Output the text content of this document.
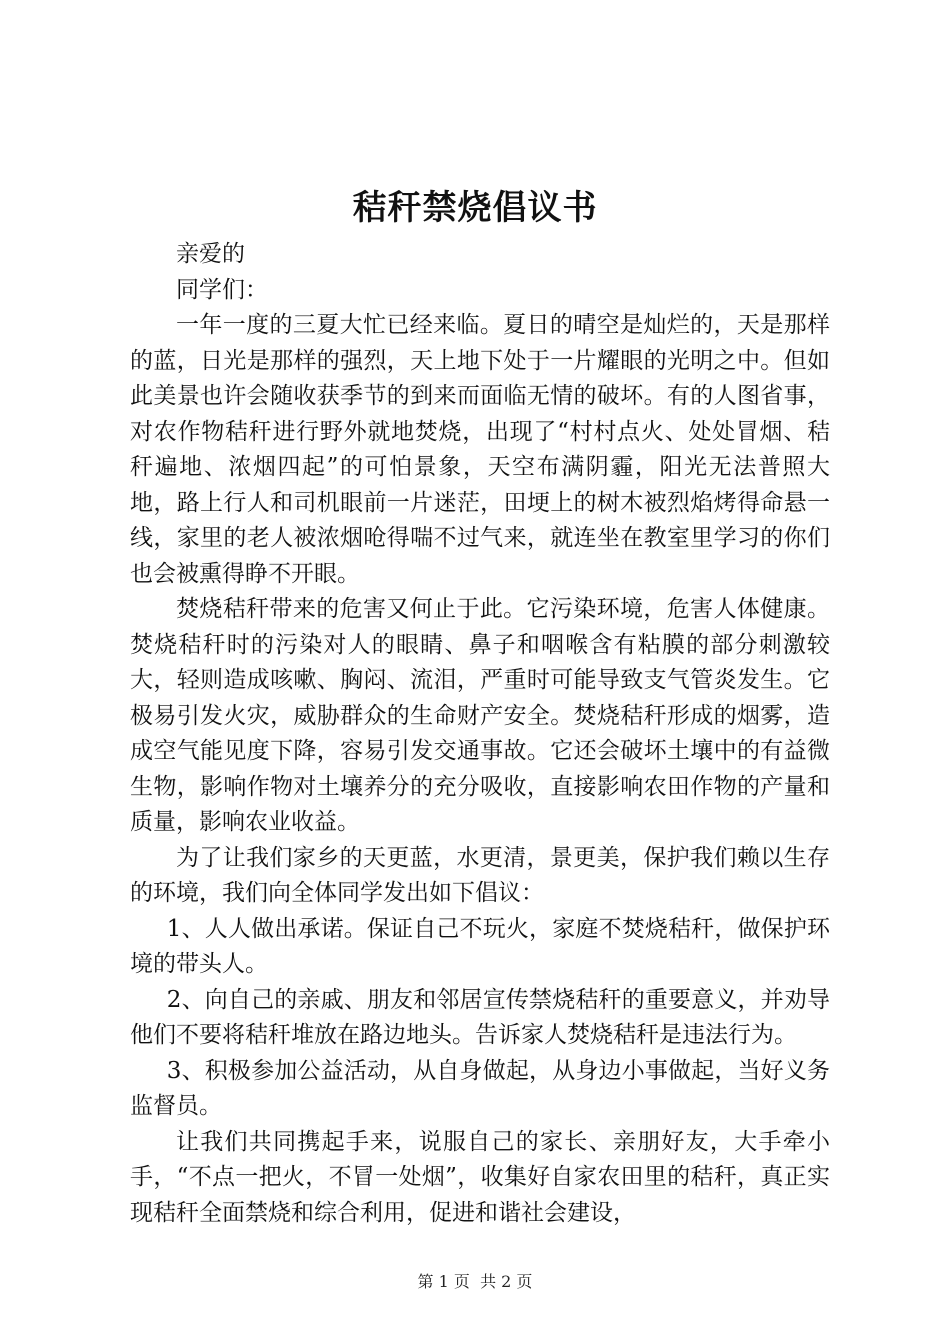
秸秆禁烧倡议书

亲爱的

同学们：

一年一度的三夏大忙已经来临。夏日的晴空是灿烂的，天是那样的蓝，日光是那样的强烈，天上地下处于一片耀眼的光明之中。但如此美景也许会随收获季节的到来而面临无情的破坏。有的人图省事，对农作物秸秆进行野外就地焚烧，出现了“村村点火、处处冒烟、秸秆遍地、浓烟四起”的可怕景象，天空布满阴霾，阳光无法普照大地，路上行人和司机眼前一片迷茫，田埂上的树木被烈焰烤得命悬一线，家里的老人被浓烟呛得喘不过气来，就连坐在教室里学习的你们也会被熏得睁不开眼。

焚烧秸秆带来的危害又何止于此。它污染环境，危害人体健康。焚烧秸秆时的污染对人的眼睛、鼻子和咽喉含有粘膜的部分刺激较大，轻则造成咳嗽、胸闷、流泪，严重时可能导致支气管炎发生。它极易引发火灾，威胁群众的生命财产安全。焚烧秸秆形成的烟雾，造成空气能见度下降，容易引发交通事故。它还会破坏土壤中的有益微生物，影响作物对土壤养分的充分吸收，直接影响农田作物的产量和质量，影响农业收益。

为了让我们家乡的天更蓝，水更清，景更美，保护我们赖以生存的环境，我们向全体同学发出如下倡议：

1、人人做出承诺。保证自己不玩火，家庭不焚烧秸秆，做保护环境的带头人。

2、向自己的亲戚、朋友和邻居宣传禁烧秸秆的重要意义，并劝导他们不要将秸秆堆放在路边地头。告诉家人焚烧秸秆是违法行为。

3、积极参加公益活动，从自身做起，从身边小事做起，当好义务监督员。

让我们共同携起手来，说服自己的家长、亲朋好友，大手牵小手，“不点一把火，不冒一处烟”，收集好自家农田里的秸秆，真正实现秸秆全面禁烧和综合利用，促进和谐社会建设，

第 1 页  共 2 页
